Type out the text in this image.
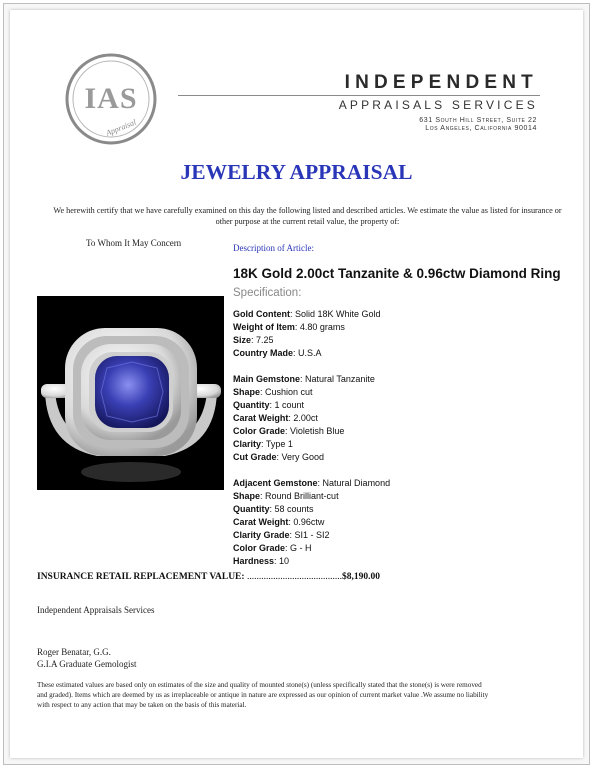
IAS
Appraisal
INDEPENDENT
APPRAISALS SERVICES
631 South Hill Street, Suite 22
Los Angeles, California 90014
JEWELRY APPRAISAL
We herewith certify that we have carefully examined on this day the following listed and described articles. We estimate the value as listed for insurance or other purpose at the current retail value, the property of:
To Whom It May Concern	Description of Article:
18K Gold 2.00ct Tanzanite & 0.96ctw Diamond Ring
Specification:
Gold Content: Solid 18K White Gold
Weight of Item: 4.80 grams
Size: 7.25
Country Made: U.S.A
Main Gemstone: Natural Tanzanite
Shape: Cushion cut
Quantity: 1 count
Carat Weight: 2.00ct
Color Grade: Violetish Blue
Clarity: Type 1
Cut Grade: Very Good
Adjacent Gemstone: Natural Diamond
Shape: Round Brilliant-cut
Quantity: 58 counts
Carat Weight: 0.96ctw
Clarity Grade: SI1 - SI2
Color Grade: G - H
Hardness: 10
INSURANCE RETAIL REPLACEMENT VALUE: ........................................$8,190.00
Independent Appraisals Services
Roger Benatar, G.G.
G.I.A Graduate Gemologist
These estimated values are based only on estimates of the size and quality of mounted stone(s) (unless specifically stated that the stone(s) is were removed and graded). Items which are deemed by us as irreplaceable or antique in nature are expressed as our opinion of current market value .We assume no liability with respect to any action that may be taken on the basis of this material.
